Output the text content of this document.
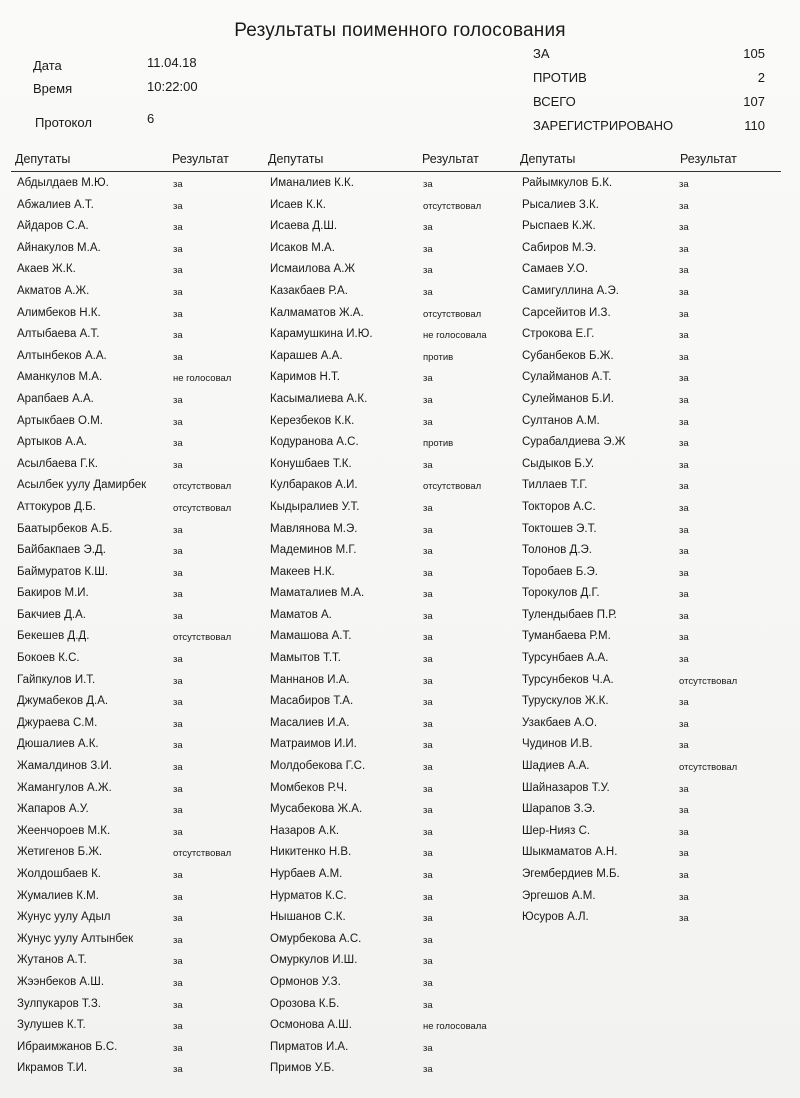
Результаты поименного голосования
Дата	11.04.18
Время	10:22:00
Протокол	6
ЗА	105
ПРОТИВ	2
ВСЕГО	107
ЗАРЕГИСТРИРОВАНО	110
Депутаты	Результат
Абдылдаев М.Ю.	за
Абжалиев А.Т.	за
Айдаров С.А.	за
Айнакулов М.А.	за
Акаев Ж.К.	за
Акматов А.Ж.	за
Алимбеков Н.К.	за
Алтыбаева А.Т.	за
Алтынбеков А.А.	за
Аманкулов М.А.	не голосовал
Арапбаев А.А.	за
Артыкбаев О.М.	за
Артыков А.А.	за
Асылбаева Г.К.	за
Асылбек уулу Дамирбек	отсутствовал
Аттокуров Д.Б.	отсутствовал
Баатырбеков А.Б.	за
Байбакпаев Э.Д.	за
Баймуратов К.Ш.	за
Бакиров М.И.	за
Бакчиев Д.А.	за
Бекешев Д.Д.	отсутствовал
Бокоев К.С.	за
Гайпкулов И.Т.	за
Джумабеков Д.А.	за
Джураева С.М.	за
Дюшалиев А.К.	за
Жамалдинов З.И.	за
Жамангулов А.Ж.	за
Жапаров А.У.	за
Жеенчороев М.К.	за
Жетигенов Б.Ж.	отсутствовал
Жолдошбаев К.	за
Жумалиев К.М.	за
Жунус уулу Адыл	за
Жунус уулу Алтынбек	за
Жутанов А.Т.	за
Жээнбеков А.Ш.	за
Зулпукаров Т.З.	за
Зулушев К.Т.	за
Ибраимжанов Б.С.	за
Икрамов Т.И.	за
Депутаты	Результат
Иманалиев К.К.	за
Исаев К.К.	отсутствовал
Исаева Д.Ш.	за
Исаков М.А.	за
Исмаилова А.Ж	за
Казакбаев Р.А.	за
Калмаматов Ж.А.	отсутствовал
Карамушкина И.Ю.	не голосовала
Карашев А.А.	против
Каримов Н.Т.	за
Касымалиева А.К.	за
Керезбеков К.К.	за
Кодуранова А.С.	против
Конушбаев Т.К.	за
Кулбараков А.И.	отсутствовал
Кыдыралиев У.Т.	за
Мавлянова М.Э.	за
Мадеминов М.Г.	за
Макеев Н.К.	за
Маматалиев М.А.	за
Маматов А.	за
Мамашова А.Т.	за
Мамытов Т.Т.	за
Маннанов И.А.	за
Масабиров Т.А.	за
Масалиев И.А.	за
Матраимов И.И.	за
Молдобекова Г.С.	за
Момбеков Р.Ч.	за
Мусабекова Ж.А.	за
Назаров А.К.	за
Никитенко Н.В.	за
Нурбаев А.М.	за
Нурматов К.С.	за
Нышанов С.К.	за
Омурбекова А.С.	за
Омуркулов И.Ш.	за
Ормонов У.З.	за
Орозова К.Б.	за
Осмонова А.Ш.	не голосовала
Пирматов И.А.	за
Примов У.Б.	за
Депутаты	Результат
Райымкулов Б.К.	за
Рысалиев З.К.	за
Рыспаев К.Ж.	за
Сабиров М.Э.	за
Самаев У.О.	за
Самигуллина А.Э.	за
Сарсейитов И.З.	за
Строкова Е.Г.	за
Субанбеков Б.Ж.	за
Сулайманов А.Т.	за
Сулейманов Б.И.	за
Султанов А.М.	за
Сурабалдиева Э.Ж	за
Сыдыков Б.У.	за
Тиллаев Т.Г.	за
Токторов А.С.	за
Токтошев Э.Т.	за
Толонов Д.Э.	за
Торобаев Б.Э.	за
Торокулов Д.Г.	за
Тулендыбаев П.Р.	за
Туманбаева Р.М.	за
Турсунбаев А.А.	за
Турсунбеков Ч.А.	отсутствовал
Турускулов Ж.К.	за
Узакбаев А.О.	за
Чудинов И.В.	за
Шадиев А.А.	отсутствовал
Шайназаров Т.У.	за
Шарапов З.Э.	за
Шер-Нияз С.	за
Шыкмаматов А.Н.	за
Эгембердиев М.Б.	за
Эргешов А.М.	за
Юсуров А.Л.	за
